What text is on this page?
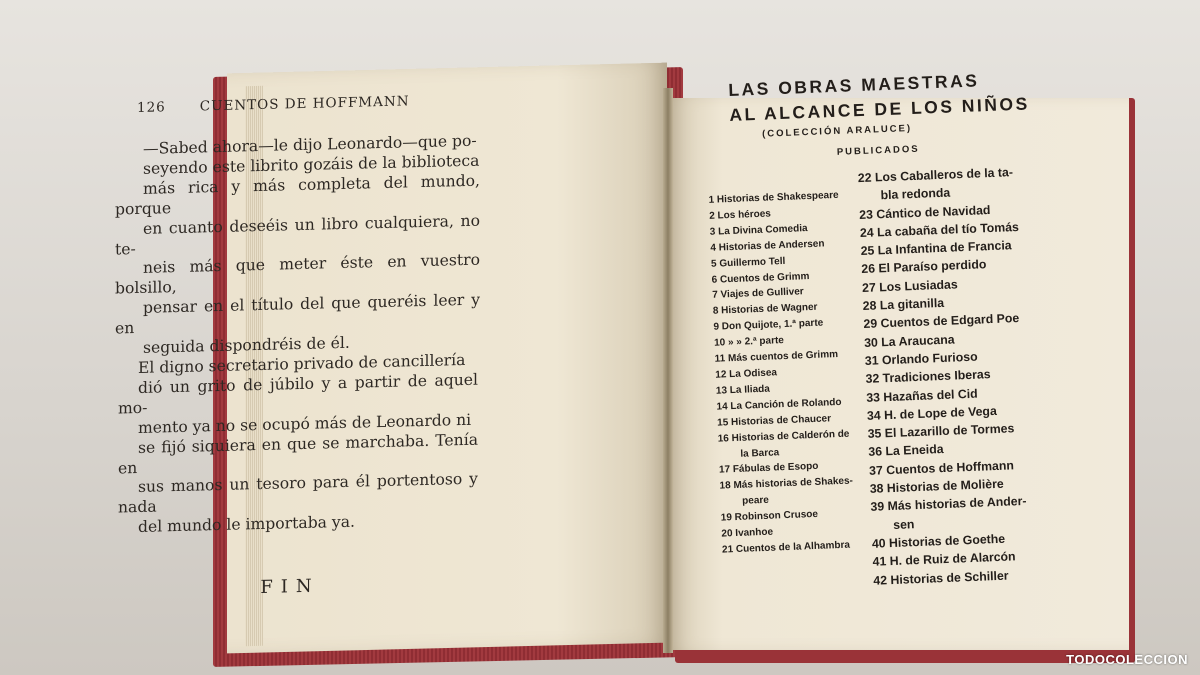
126	CUENTOS DE HOFFMANN

—Sabed ahora—le dijo Leonardo—que po-
seyendo este librito gozáis de la biblioteca
más rica y más completa del mundo, porque
en cuanto deseéis un libro cualquiera, no te-
neis más que meter éste en vuestro bolsillo,
pensar en el título del que queréis leer y en
seguida dispondréis de él.

El digno secretario privado de cancillería
dió un grito de júbilo y a partir de aquel mo-
mento ya no se ocupó más de Leonardo ni
se fijó siquiera en que se marchaba. Tenía en
sus manos un tesoro para él portentoso y nada
del mundo le importaba ya.

FIN
LAS OBRAS MAESTRAS
AL ALCANCE DE LOS NIÑOS
(COLECCIÓN ARALUCE)
PUBLICADOS
1 Historias de Shakespeare
2 Los héroes
3 La Divina Comedia
4 Historias de Andersen
5 Guillermo Tell
6 Cuentos de Grimm
7 Viajes de Gulliver
8 Historias de Wagner
9 Don Quijote, 1.ª parte
10 » » 2.ª parte
11 Más cuentos de Grimm
12 La Odisea
13 La Iliada
14 La Canción de Rolando
15 Historias de Chaucer
16 Historias de Calderón de
la Barca
17 Fábulas de Esopo
18 Más historias de Shakes-
peare
19 Robinson Crusoe
20 Ivanhoe
21 Cuentos de la Alhambra
22 Los Caballeros de la ta-
bla redonda
23 Cántico de Navidad
24 La cabaña del tío Tomás
25 La Infantina de Francia
26 El Paraíso perdido
27 Los Lusiadas
28 La gitanilla
29 Cuentos de Edgard Poe
30 La Araucana
31 Orlando Furioso
32 Tradiciones Iberas
33 Hazañas del Cid
34 H. de Lope de Vega
35 El Lazarillo de Tormes
36 La Eneida
37 Cuentos de Hoffmann
38 Historias de Molière
39 Más historias de Ander-
sen
40 Historias de Goethe
41 H. de Ruiz de Alarcón
42 Historias de Schiller
TODOCOLECCION
